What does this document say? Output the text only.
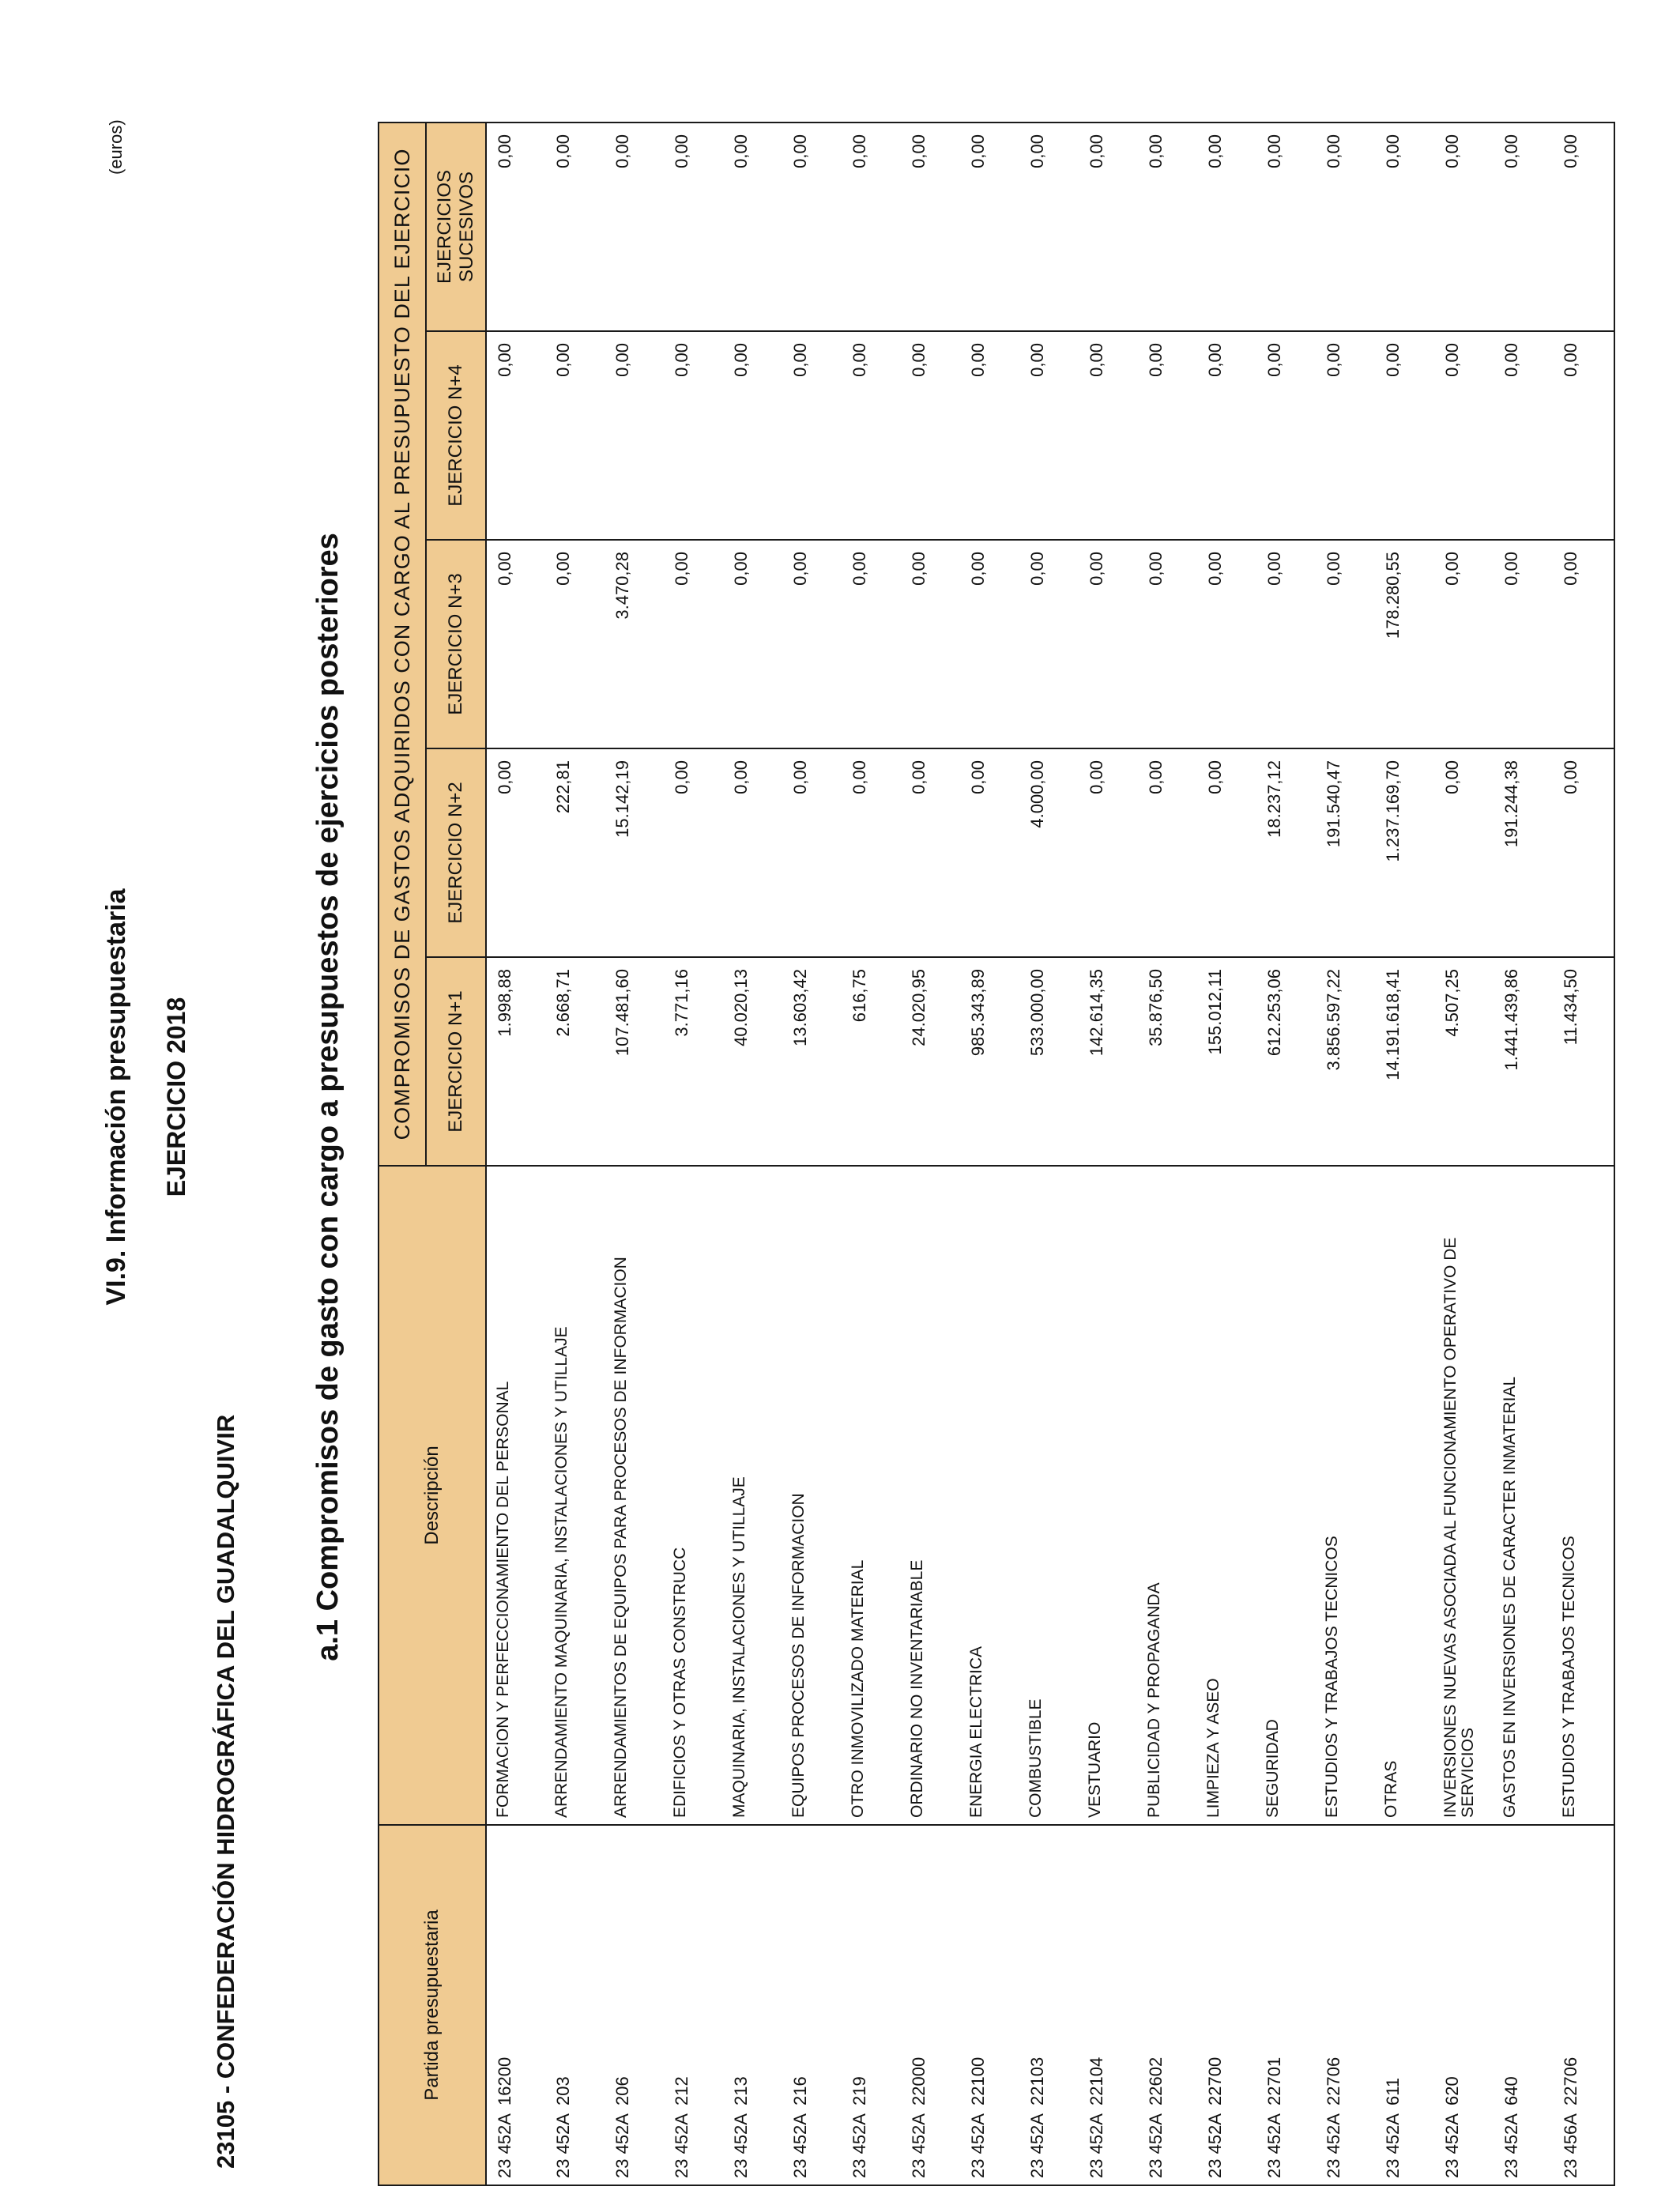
VI.9. Información presupuestaria EJERCICIO 2018
(euros)
23105 - CONFEDERACIÓN HIDROGRÁFICA DEL GUADALQUIVIR
a.1 Compromisos de gasto con cargo a presupuestos de ejercicios posteriores
Partida presupuestaria	Descripción	COMPROMISOS DE GASTOS ADQUIRIDOS CON CARGO AL PRESUPUESTO DEL EJERCICIO				
		EJERCICIO N+1	EJERCICIO N+2	EJERCICIO N+3	EJERCICIO N+4	EJERCICIOS SUCESIVOS
23 452A16200	FORMACION Y PERFECCIONAMIENTO DEL PERSONAL	1.998,88	0,00	0,00	0,00	0,00
23 452A203	ARRENDAMIENTO MAQUINARIA, INSTALACIONES Y UTILLAJE	2.668,71	222,81	0,00	0,00	0,00
23 452A206	ARRENDAMIENTOS DE EQUIPOS PARA PROCESOS DE INFORMACION	107.481,60	15.142,19	3.470,28	0,00	0,00
23 452A212	EDIFICIOS Y OTRAS CONSTRUCC	3.771,16	0,00	0,00	0,00	0,00
23 452A213	MAQUINARIA, INSTALACIONES Y UTILLAJE	40.020,13	0,00	0,00	0,00	0,00
23 452A216	EQUIPOS PROCESOS DE INFORMACION	13.603,42	0,00	0,00	0,00	0,00
23 452A219	OTRO INMOVILIZADO MATERIAL	616,75	0,00	0,00	0,00	0,00
23 452A22000	ORDINARIO NO INVENTARIABLE	24.020,95	0,00	0,00	0,00	0,00
23 452A22100	ENERGIA ELECTRICA	985.343,89	0,00	0,00	0,00	0,00
23 452A22103	COMBUSTIBLE	533.000,00	4.000,00	0,00	0,00	0,00
23 452A22104	VESTUARIO	142.614,35	0,00	0,00	0,00	0,00
23 452A22602	PUBLICIDAD Y PROPAGANDA	35.876,50	0,00	0,00	0,00	0,00
23 452A22700	LIMPIEZA Y ASEO	155.012,11	0,00	0,00	0,00	0,00
23 452A22701	SEGURIDAD	612.253,06	18.237,12	0,00	0,00	0,00
23 452A22706	ESTUDIOS Y TRABAJOS TECNICOS	3.856.597,22	191.540,47	0,00	0,00	0,00
23 452A611	OTRAS	14.191.618,41	1.237.169,70	178.280,55	0,00	0,00
23 452A620	INVERSIONES NUEVAS ASOCIADA AL FUNCIONAMIENTO OPERATIVO DE SERVICIOS	4.507,25	0,00	0,00	0,00	0,00
23 452A640	GASTOS EN INVERSIONES DE CARACTER INMATERIAL	1.441.439,86	191.244,38	0,00	0,00	0,00
23 456A22706	ESTUDIOS Y TRABAJOS TECNICOS	11.434,50	0,00	0,00	0,00	0,00
